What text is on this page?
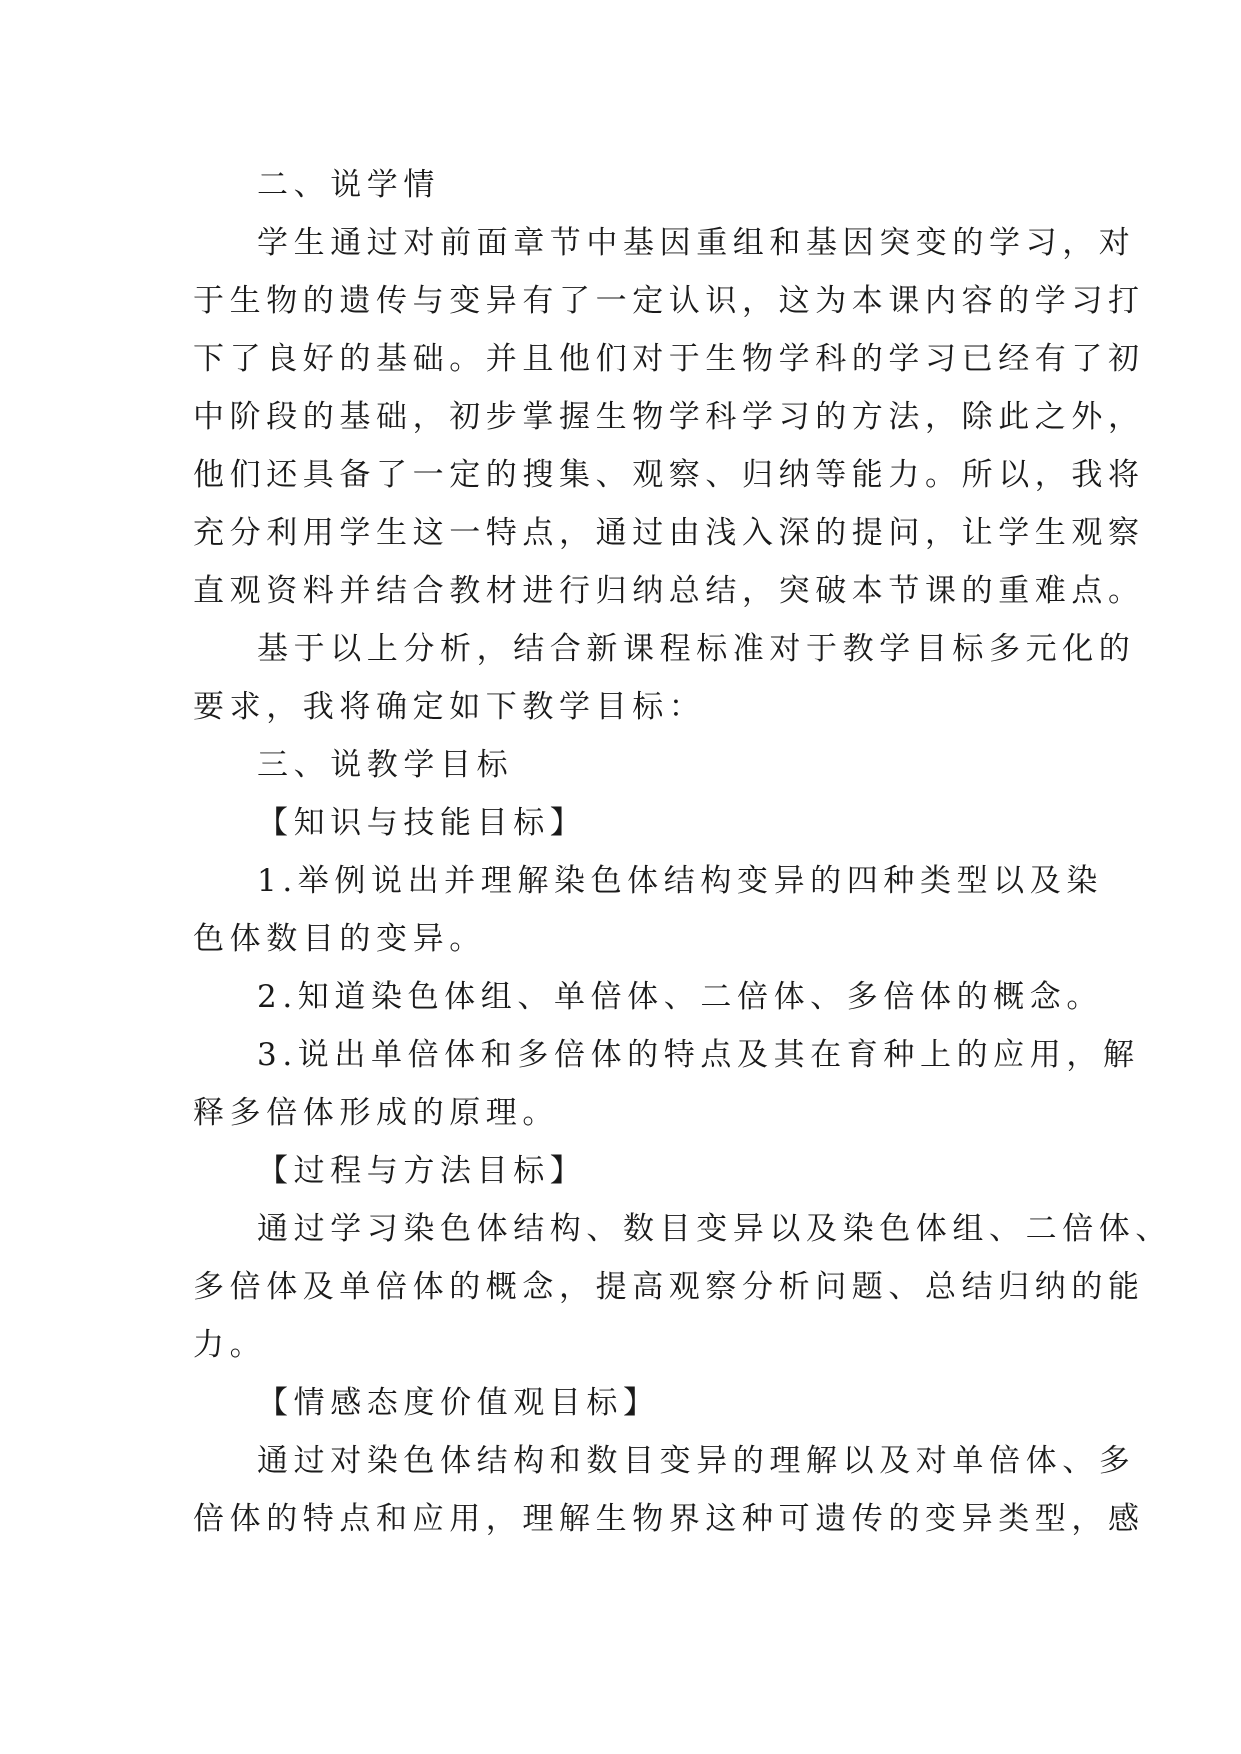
二、说学情
学生通过对前面章节中基因重组和基因突变的学习，对
于生物的遗传与变异有了一定认识，这为本课内容的学习打
下了良好的基础。并且他们对于生物学科的学习已经有了初
中阶段的基础，初步掌握生物学科学习的方法，除此之外，
他们还具备了一定的搜集、观察、归纳等能力。所以，我将
充分利用学生这一特点，通过由浅入深的提问，让学生观察
直观资料并结合教材进行归纳总结，突破本节课的重难点。
基于以上分析，结合新课程标准对于教学目标多元化的
要求，我将确定如下教学目标：
三、说教学目标
【知识与技能目标】
1.举例说出并理解染色体结构变异的四种类型以及染
色体数目的变异。
2.知道染色体组、单倍体、二倍体、多倍体的概念。
3.说出单倍体和多倍体的特点及其在育种上的应用，解
释多倍体形成的原理。
【过程与方法目标】
通过学习染色体结构、数目变异以及染色体组、二倍体、
多倍体及单倍体的概念，提高观察分析问题、总结归纳的能
力。
【情感态度价值观目标】
通过对染色体结构和数目变异的理解以及对单倍体、多
倍体的特点和应用，理解生物界这种可遗传的变异类型，感
